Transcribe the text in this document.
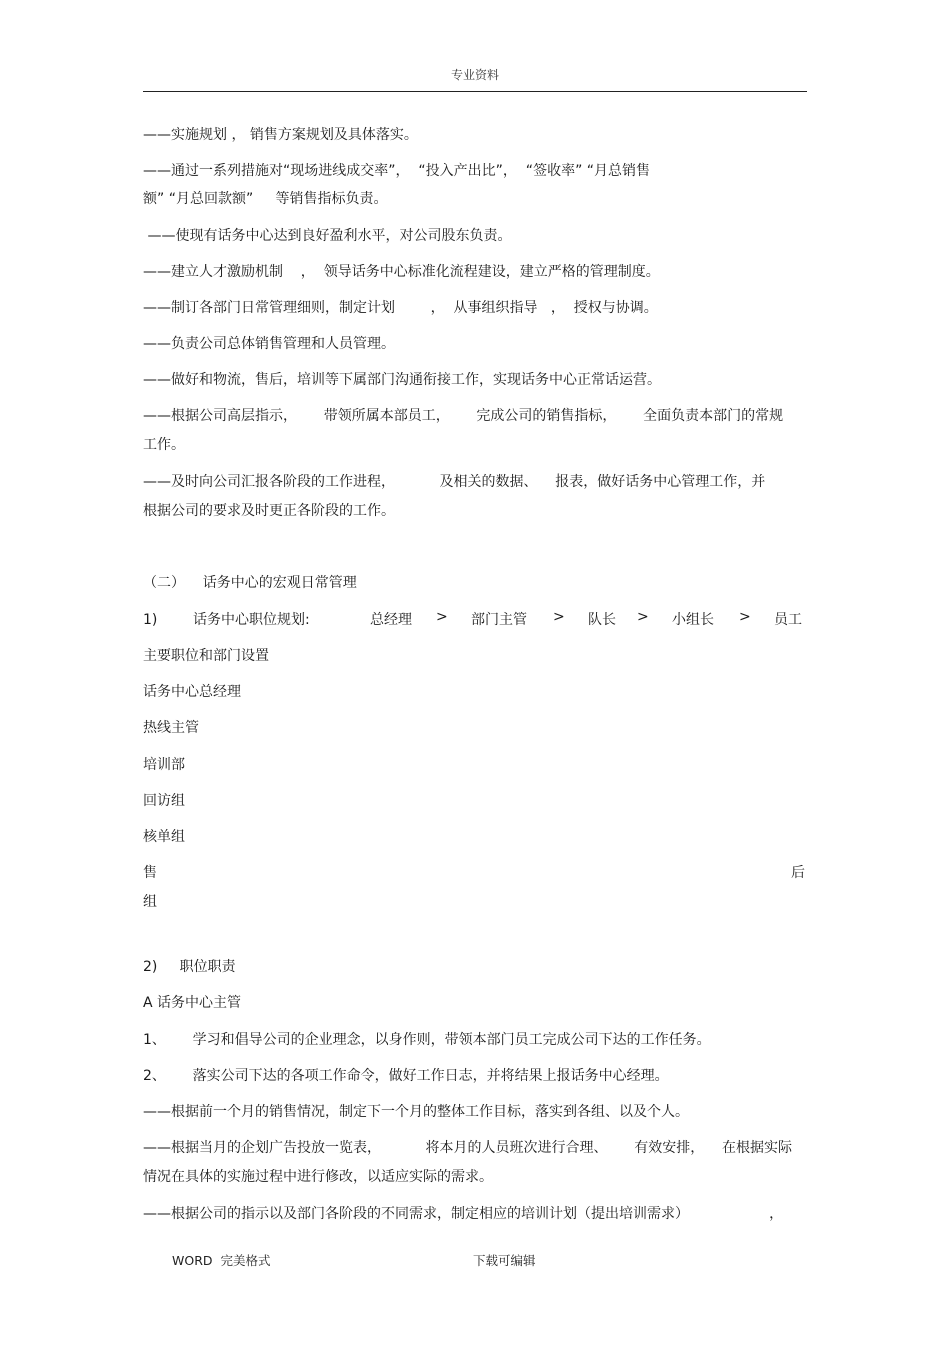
专业资料
——实施规划 ， 销售方案规划及具体落实。
——通过一系列措施对“现场进线成交率”，  “投入产出比”，  “签收率” “月总销售
额” “月总回款额”     等销售指标负责。
——使现有话务中心达到良好盈利水平，对公司股东负责。
——建立人才激励机制    ，  领导话务中心标准化流程建设，建立严格的管理制度。
——制订各部门日常管理细则，制定计划        ，  从事组织指导   ，  授权与协调。
——负责公司总体销售管理和人员管理。
——做好和物流，售后，培训等下属部门沟通衔接工作，实现话务中心正常话运营。
——根据公司高层指示，      带领所属本部员工，      完成公司的销售指标，      全面负责本部门的常规
工作。
——及时向公司汇报各阶段的工作进程，          及相关的数据、    报表，做好话务中心管理工作，并
根据公司的要求及时更正各阶段的工作。
（二）    话务中心的宏观日常管理
1)        话务中心职位规划:	总经理 > 部门主管 > 队长 > 小组长 > 员工
主要职位和部门设置
话务中心总经理
热线主管
培训部
回访组
核单组
售	后
组
2)     职位职责
A 话务中心主管
1、      学习和倡导公司的企业理念，以身作则，带领本部门员工完成公司下达的工作任务。
2、      落实公司下达的各项工作命令，做好工作日志，并将结果上报话务中心经理。
——根据前一个月的销售情况，制定下一个月的整体工作目标，落实到各组、以及个人。
——根据当月的企划广告投放一览表，          将本月的人员班次进行合理、      有效安排，    在根据实际
情况在具体的实施过程中进行修改，以适应实际的需求。
——根据公司的指示以及部门各阶段的不同需求，制定相应的培训计划（提出培训需求）                  ，
WORD  完美格式	下载可编辑
